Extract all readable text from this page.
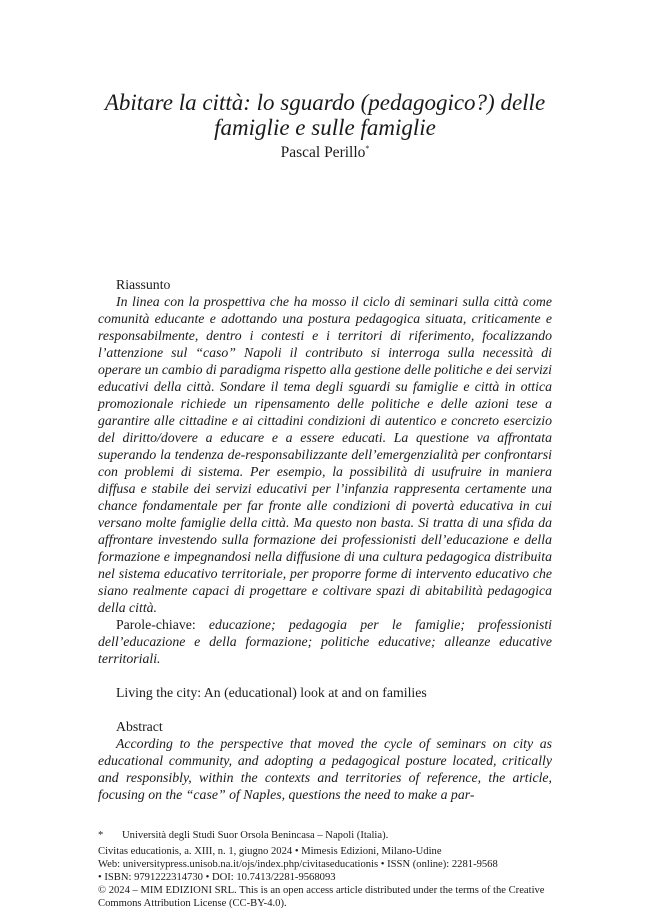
Abitare la città: lo sguardo (pedagogico?) delle
famiglie e sulle famiglie
Pascal Perillo*

Riassunto

In linea con la prospettiva che ha mosso il ciclo di seminari sulla città come comunità educante e adottando una postura pedagogica situata, criticamente e responsabilmente, dentro i contesti e i territori di riferimento, focalizzando l’attenzione sul “caso” Napoli il contributo si interroga sulla necessità di operare un cambio di paradigma rispetto alla gestione delle politiche e dei servizi educativi della città. Sondare il tema degli sguardi su famiglie e città in ottica promozionale richiede un ripensamento delle politiche e delle azioni tese a garantire alle cittadine e ai cittadini condizioni di autentico e concreto esercizio del diritto/dovere a educare e a essere educati. La questione va affrontata superando la tendenza de-responsabilizzante dell’emergenzialità per confrontarsi con problemi di sistema. Per esempio, la possibilità di usufruire in maniera diffusa e stabile dei servizi educativi per l’infanzia rappresenta certamente una chance fondamentale per far fronte alle condizioni di povertà educativa in cui versano molte famiglie della città. Ma questo non basta. Si tratta di una sfida da affrontare investendo sulla formazione dei professionisti dell’educazione e della formazione e impegnandosi nella diffusione di una cultura pedagogica distribuita nel sistema educativo territoriale, per proporre forme di intervento educativo che siano realmente capaci di progettare e coltivare spazi di abitabilità pedagogica della città.

Parole-chiave: educazione; pedagogia per le famiglie; professionisti dell’educazione e della formazione; politiche educative; alleanze educative territoriali.

Living the city: An (educational) look at and on families

Abstract

According to the perspective that moved the cycle of seminars on city as educational community, and adopting a pedagogical posture located, critically and responsibly, within the contexts and territories of reference, the article, focusing on the “case” of Naples, questions the need to make a par-

* Università degli Studi Suor Orsola Benincasa – Napoli (Italia).
Civitas educationis, a. XIII, n. 1, giugno 2024 • Mimesis Edizioni, Milano-Udine
Web: universitypress.unisob.na.it/ojs/index.php/civitaseducationis • ISSN (online): 2281-9568
• ISBN: 9791222314730 • DOI: 10.7413/2281-9568093
© 2024 – MIM EDIZIONI SRL. This is an open access article distributed under the terms of the Creative Commons Attribution License (CC-BY-4.0).
